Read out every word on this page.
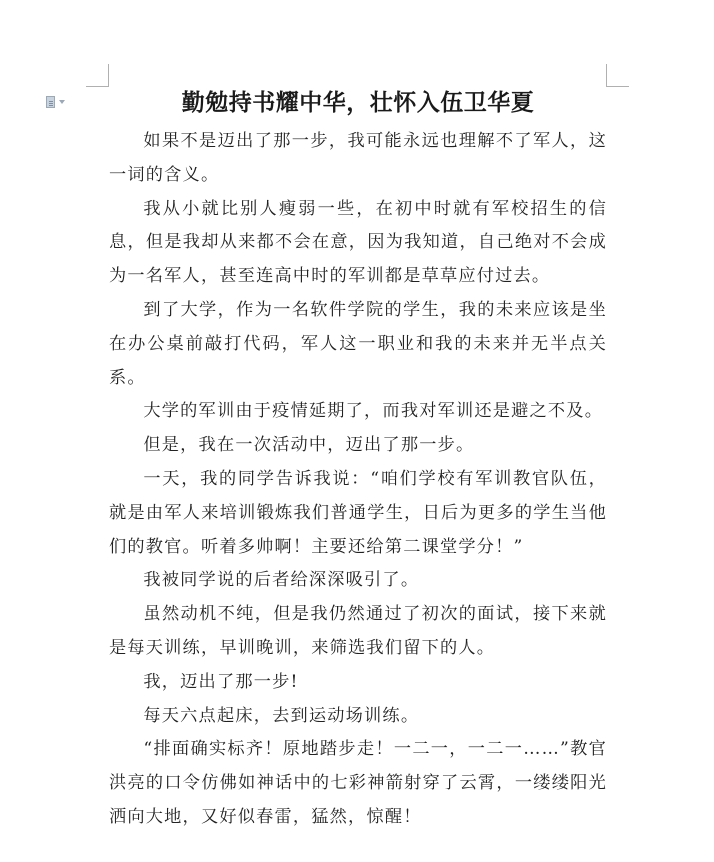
勤勉持书耀中华，壮怀入伍卫华夏

如果不是迈出了那一步，我可能永远也理解不了军人，这一词的含义。

我从小就比别人瘦弱一些，在初中时就有军校招生的信息，但是我却从来都不会在意，因为我知道，自己绝对不会成为一名军人，甚至连高中时的军训都是草草应付过去。

到了大学，作为一名软件学院的学生，我的未来应该是坐在办公桌前敲打代码，军人这一职业和我的未来并无半点关系。

大学的军训由于疫情延期了，而我对军训还是避之不及。

但是，我在一次活动中，迈出了那一步。

一天，我的同学告诉我说：“咱们学校有军训教官队伍，就是由军人来培训锻炼我们普通学生，日后为更多的学生当他们的教官。听着多帅啊！主要还给第二课堂学分！”

我被同学说的后者给深深吸引了。

虽然动机不纯，但是我仍然通过了初次的面试，接下来就是每天训练，早训晚训，来筛选我们留下的人。

我，迈出了那一步!

每天六点起床，去到运动场训练。

“排面确实标齐！原地踏步走！一二一，一二一……”教官洪亮的口令仿佛如神话中的七彩神箭射穿了云霄，一缕缕阳光洒向大地，又好似春雷，猛然，惊醒！
